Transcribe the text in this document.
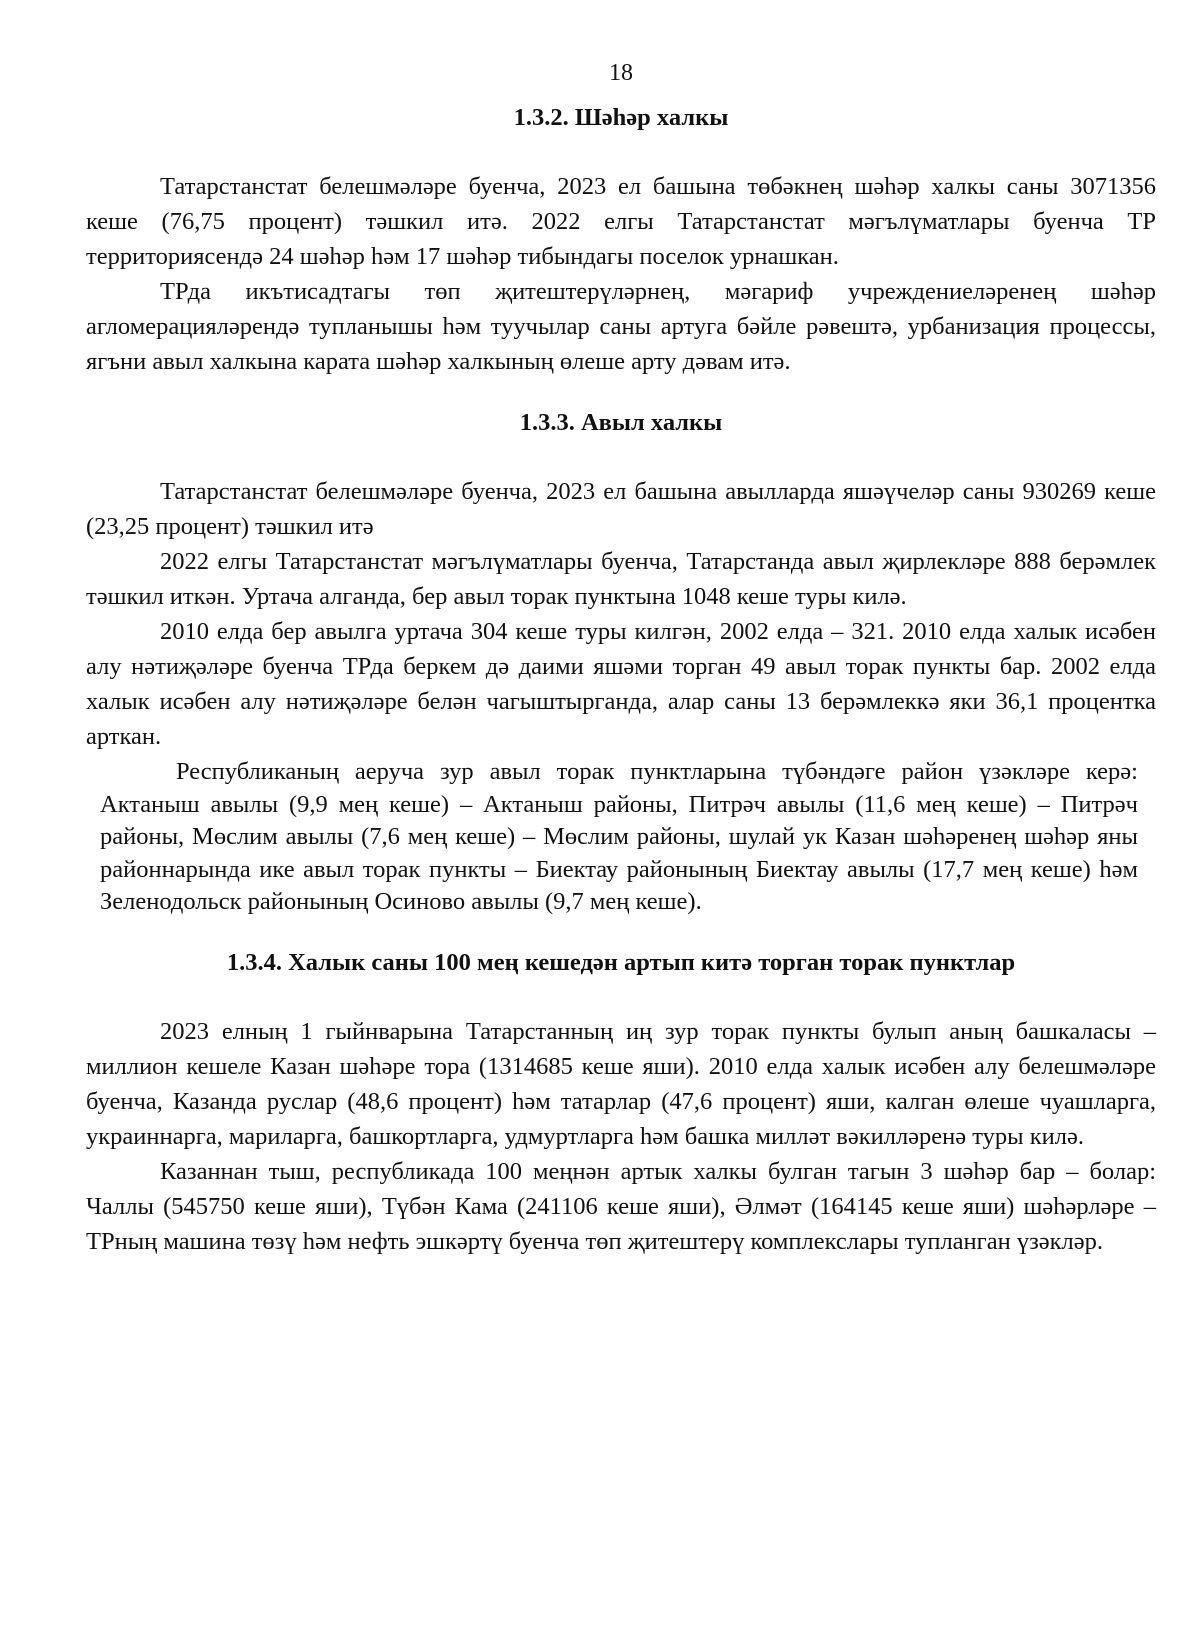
18
1.3.2. Шәһәр халкы

Татарстанстат белешмәләре буенча, 2023 ел башына төбәкнең шәһәр халкы саны 3071356 кеше (76,75 процент) тәшкил итә. 2022 елгы Татарстанстат мәгълүматлары буенча ТР территориясендә 24 шәһәр һәм 17 шәһәр тибындагы поселок урнашкан.

ТРда икътисадтагы төп җитештерүләрнең, мәгариф учреждениеләренең шәһәр агломерацияләрендә тупланышы һәм туучылар саны артуга бәйле рәвештә, урбанизация процессы, ягъни авыл халкына карата шәһәр халкының өлеше арту дәвам итә.

1.3.3. Авыл халкы

Татарстанстат белешмәләре буенча, 2023 ел башына авылларда яшәүчеләр саны 930269 кеше (23,25 процент) тәшкил итә

2022 елгы Татарстанстат мәгълүматлары буенча, Татарстанда авыл җирлекләре 888 берәмлек тәшкил иткән. Уртача алганда, бер авыл торак пунктына 1048 кеше туры килә.

2010 елда бер авылга уртача 304 кеше туры килгән, 2002 елда – 321. 2010 елда халык исәбен алу нәтиҗәләре буенча ТРда беркем дә даими яшәми торган 49 авыл торак пункты бар. 2002 елда халык исәбен алу нәтиҗәләре белән чагыштырганда, алар саны 13 берәмлеккә яки 36,1 процентка арткан.

Республиканың аеруча зур авыл торак пунктларына түбәндәге район үзәкләре керә: Актаныш авылы (9,9 мең кеше) – Актаныш районы, Питрәч авылы (11,6 мең кеше) – Питрәч районы, Мөслим авылы (7,6 мең кеше) – Мөслим районы, шулай ук Казан шәһәренең шәһәр яны районнарында ике авыл торак пункты – Биектау районының Биектау авылы (17,7 мең кеше) һәм Зеленодольск районының Осиново авылы (9,7 мең кеше).

1.3.4. Халык саны 100 мең кешедән артып китә торган торак пунктлар

2023 елның 1 гыйнварына Татарстанның иң зур торак пункты булып аның башкаласы – миллион кешеле Казан шәһәре тора (1314685 кеше яши). 2010 елда халык исәбен алу белешмәләре буенча, Казанда руслар (48,6 процент) һәм татарлар (47,6 процент) яши, калган өлеше чуашларга, украиннарга, мариларга, башкортларга, удмуртларга һәм башка милләт вәкилләренә туры килә.

Казаннан тыш, республикада 100 меңнән артык халкы булган тагын 3 шәһәр бар – болар: Чаллы (545750 кеше яши), Түбән Кама (241106 кеше яши), Әлмәт (164145 кеше яши) шәһәрләре – ТРның машина төзү һәм нефть эшкәртү буенча төп җитештерү комплекслары тупланган үзәкләр.
